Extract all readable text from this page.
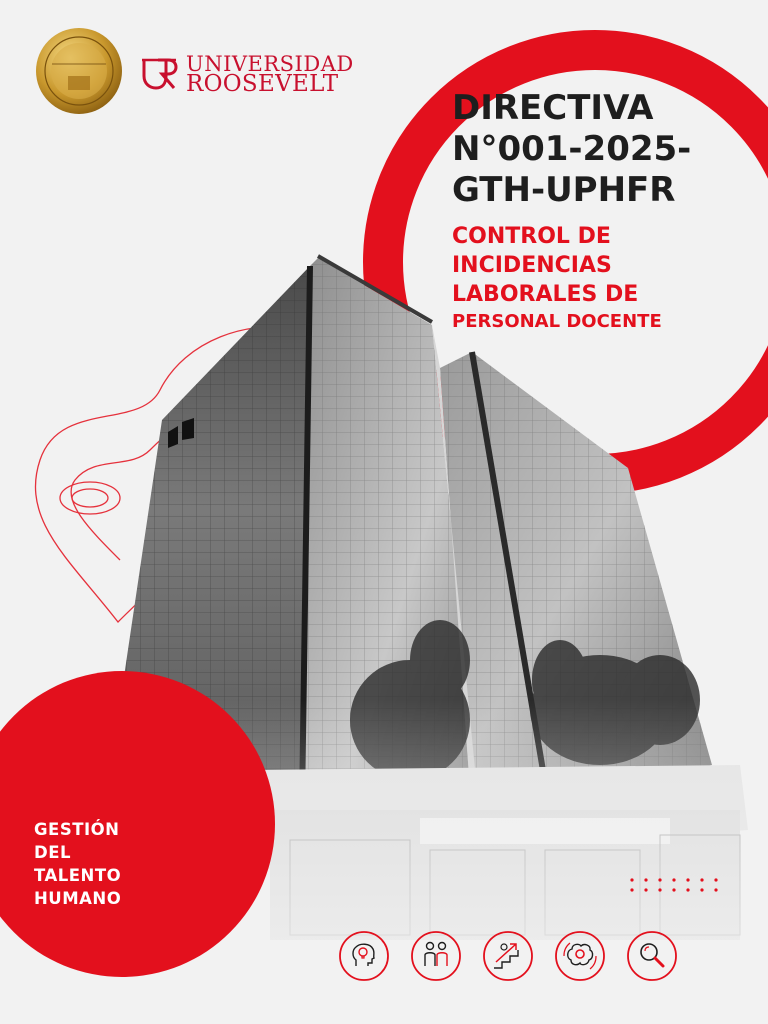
UNIVERSIDAD
ROOSEVELT
DIRECTIVA
N°001-2025-
GTH-UPHFR
CONTROL DE
INCIDENCIAS
LABORALES DE
PERSONAL DOCENTE
GESTIÓN
DEL
TALENTO
HUMANO
